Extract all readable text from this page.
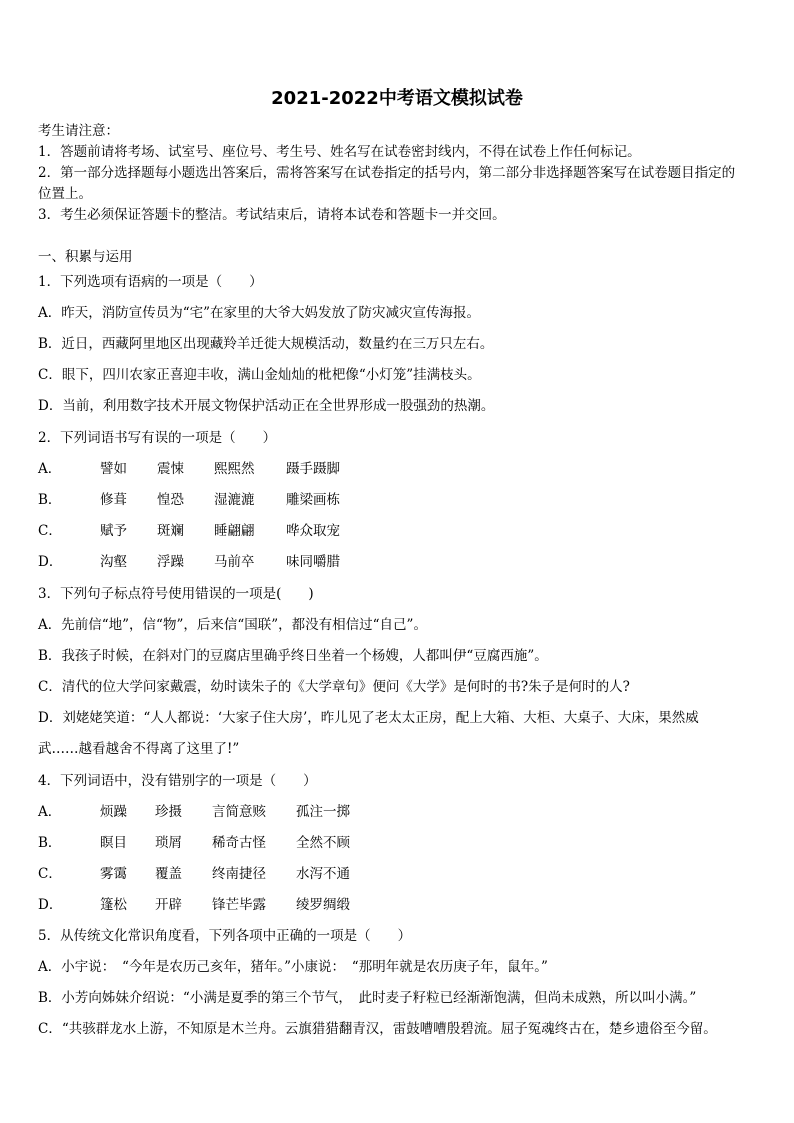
2021-2022中考语文模拟试卷
考生请注意：
1．答题前请将考场、试室号、座位号、考生号、姓名写在试卷密封线内，不得在试卷上作任何标记。
2．第一部分选择题每小题选出答案后，需将答案写在试卷指定的括号内，第二部分非选择题答案写在试卷题目指定的
位置上。
3．考生必须保证答题卡的整洁。考试结束后，请将本试卷和答题卡一并交回。
一、积累与运用
1．下列选项有语病的一项是（　　）
A．昨天，消防宣传员为“宅”在家里的大爷大妈发放了防灾减灾宣传海报。
B．近日，西藏阿里地区出现藏羚羊迁徙大规模活动，数量约在三万只左右。
C．眼下，四川农家正喜迎丰收，满山金灿灿的枇杷像“小灯笼”挂满枝头。
D．当前，利用数字技术开展文物保护活动正在全世界形成一股强劲的热潮。
2．下列词语书写有误的一项是（　　）
A．	譬如	震悚	熙熙然	蹑手蹑脚
B．	修葺	惶恐	湿漉漉	雕梁画栋
C．	赋予	斑斓	睡翩翩	哗众取宠
D．	沟壑	浮躁	马前卒	味同嚼腊
3．下列句子标点符号使用错误的一项是(　　)
A．先前信“地”，信“物”，后来信“国联”，都没有相信过“自己”。
B．我孩子时候，在斜对门的豆腐店里确乎终日坐着一个杨嫂，人都叫伊“豆腐西施”。
C．清代的位大学问家戴震，幼时读朱子的《大学章句》便问《大学》是何时的书?朱子是何时的人?
D．刘姥姥笑道：“人人都说：‘大家子住大房’，昨儿见了老太太正房，配上大箱、大柜、大桌子、大床，果然威
武……越看越舍不得离了这里了!”
4．下列词语中，没有错别字的一项是（　　）
A．	烦躁	珍摄	言简意赅	孤注一掷
B．	瞑目	琐屑	稀奇古怪	全然不顾
C．	雾霭	覆盖	终南捷径	水泻不通
D．	篷松	开辟	锋芒毕露	绫罗绸缎
5．从传统文化常识角度看，下列各项中正确的一项是（　　）
A．小宇说：　“今年是农历己亥年，猪年。”小康说：　“那明年就是农历庚子年，鼠年。”
B．小芳向姊妹介绍说：“小满是夏季的第三个节气，　此时麦子籽粒已经渐渐饱满，但尚未成熟，所以叫小满。”
C．“共骇群龙水上游，不知原是木兰舟。云旗猎猎翻青汉，雷鼓嘈嘈殷碧流。屈子冤魂终古在，楚乡遗俗至今留。
